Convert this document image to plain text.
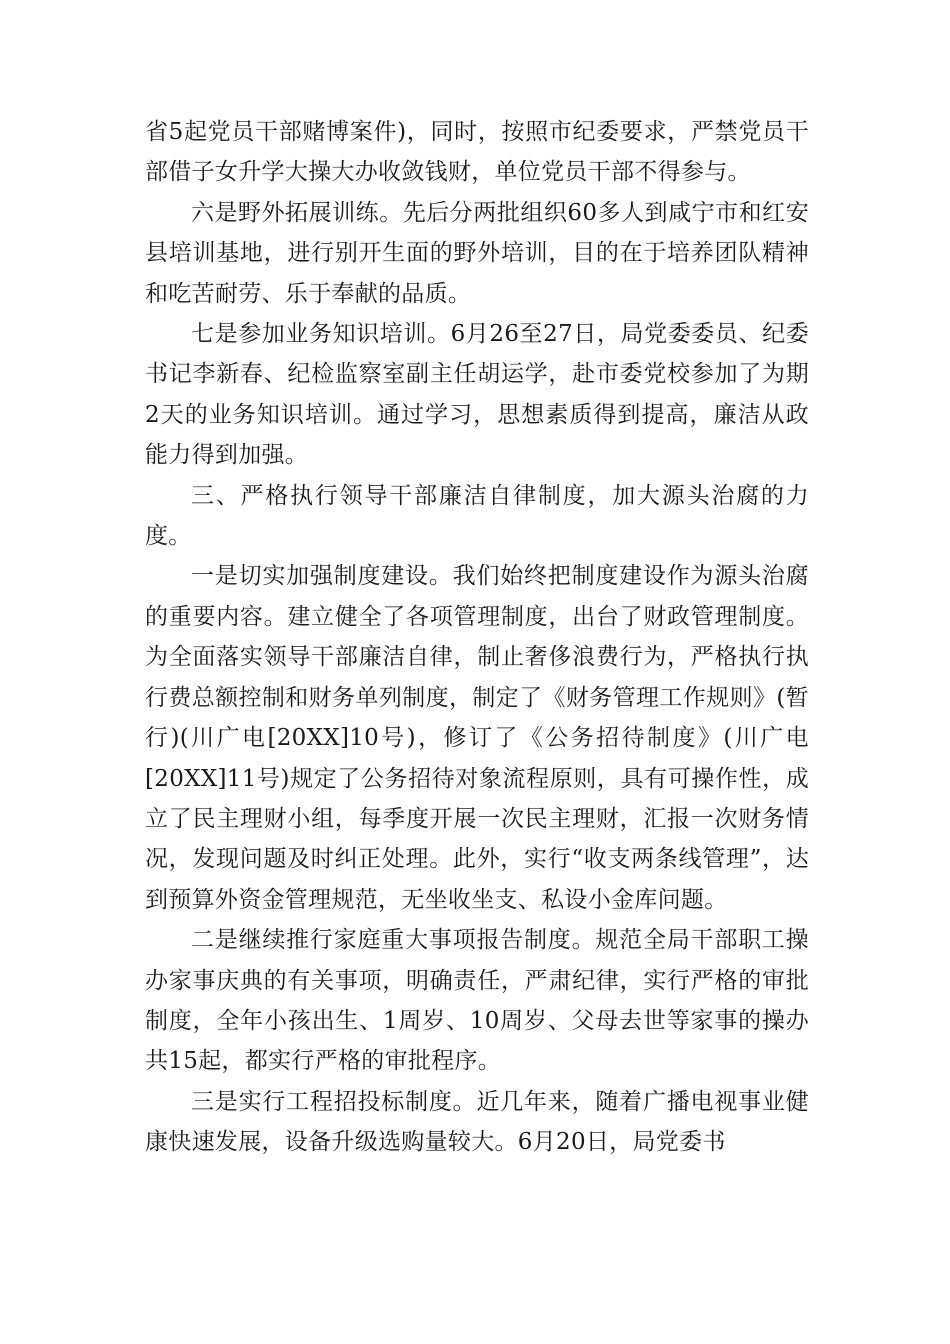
省5起党员干部赌博案件)，同时，按照市纪委要求，严禁党员干部借子女升学大操大办收敛钱财，单位党员干部不得参与。

六是野外拓展训练。先后分两批组织60多人到咸宁市和红安县培训基地，进行别开生面的野外培训，目的在于培养团队精神和吃苦耐劳、乐于奉献的品质。

七是参加业务知识培训。6月26至27日，局党委委员、纪委书记李新春、纪检监察室副主任胡运学，赴市委党校参加了为期2天的业务知识培训。通过学习，思想素质得到提高，廉洁从政能力得到加强。

三、严格执行领导干部廉洁自律制度，加大源头治腐的力度。

一是切实加强制度建设。我们始终把制度建设作为源头治腐的重要内容。建立健全了各项管理制度，出台了财政管理制度。为全面落实领导干部廉洁自律，制止奢侈浪费行为，严格执行执行费总额控制和财务单列制度，制定了《财务管理工作规则》(暂行)(川广电[20XX]10号)，修订了《公务招待制度》(川广电[20XX]11号)规定了公务招待对象流程原则，具有可操作性，成立了民主理财小组，每季度开展一次民主理财，汇报一次财务情况，发现问题及时纠正处理。此外，实行“收支两条线管理”，达到预算外资金管理规范，无坐收坐支、私设小金库问题。

二是继续推行家庭重大事项报告制度。规范全局干部职工操办家事庆典的有关事项，明确责任，严肃纪律，实行严格的审批制度，全年小孩出生、1周岁、10周岁、父母去世等家事的操办共15起，都实行严格的审批程序。

三是实行工程招投标制度。近几年来，随着广播电视事业健康快速发展，设备升级选购量较大。6月20日，局党委书
